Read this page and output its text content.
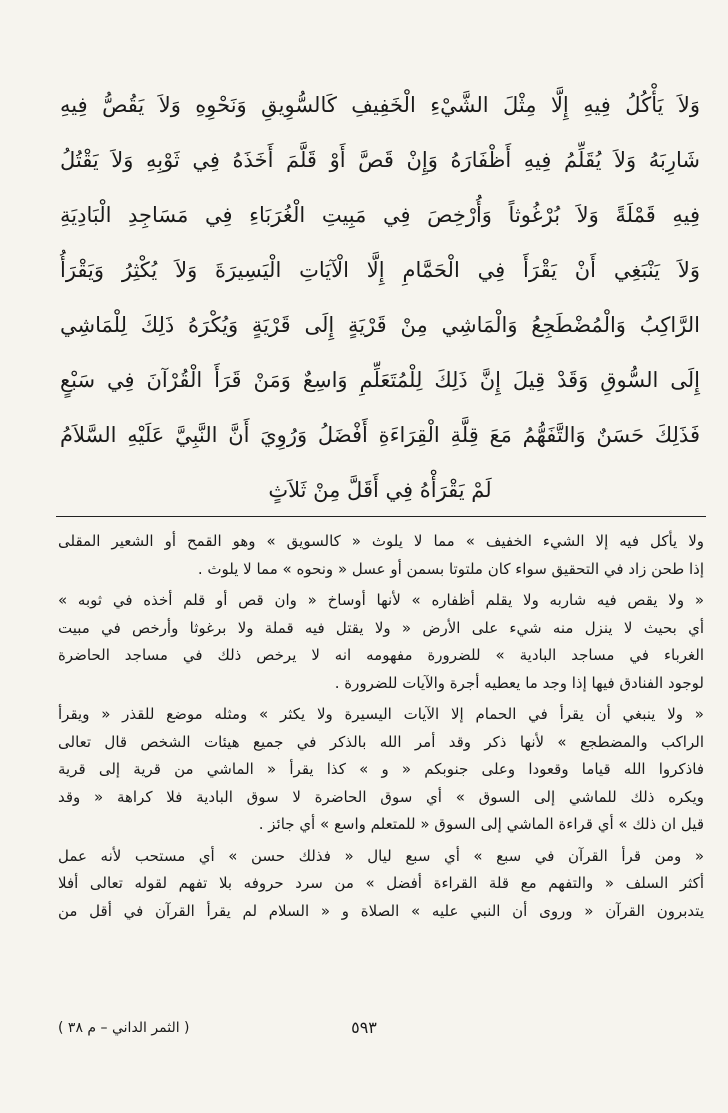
وَلاَ يَأْكُلُ فِيهِ إِلَّا مِثْلَ الشَّيْءِ الْخَفِيفِ كَالسُّوِيقِ وَنَحْوِهِ وَلاَ يَقُصُّ فِيهِ
شَارِبَهُ وَلاَ يُقَلِّمُ فِيهِ أَظْفَارَهُ وَإِنْ قَصَّ أَوْ قَلَّمَ أَخَذَهُ فِي ثَوْبِهِ وَلاَ يَقْتُلُ
فِيهِ قَمْلَةً وَلاَ بُرْغُوثاً وَأُرْخِصَ فِي مَبِيتِ الْغُرَبَاءِ فِي مَسَاجِدِ الْبَادِيَةِ
وَلاَ يَنْبَغِي أَنْ يَقْرَأَ فِي الْحَمَّامِ إِلَّا الْآيَاتِ الْيَسِيرَةَ وَلاَ يُكْثِرُ وَيَقْرَأُ
الرَّاكِبُ وَالْمُضْطَجِعُ وَالْمَاشِي مِنْ قَرْيَةٍ إِلَى قَرْيَةٍ وَيُكْرَهُ ذَلِكَ لِلْمَاشِي
إِلَى السُّوقِ وَقَدْ قِيلَ إِنَّ ذَلِكَ لِلْمُتَعَلِّمِ وَاسِعٌ وَمَنْ قَرَأَ الْقُرْآنَ فِي سَبْعٍ
فَذَلِكَ حَسَنٌ وَالتَّفَهُّمُ مَعَ قِلَّةِ الْقِرَاءَةِ أَفْضَلُ وَرُوِيَ أَنَّ النَّبِيَّ عَلَيْهِ السَّلاَمُ
لَمْ يَقْرَأْهُ فِي أَقَلَّ مِنْ ثَلاَثٍ
ولا يأكل فيه إلا الشيء الخفيف » مما لا يلوث « كالسويق » وهو القمح أو الشعير المقلى
إذا طحن زاد في التحقيق سواء كان ملتوتا بسمن أو عسل « ونحوه » مما لا يلوث .
« ولا يقص فيه شاربه ولا يقلم أظفاره » لأنها أوساخ « وان قص أو قلم أخذه في ثوبه »
أي بحيث لا ينزل منه شيء على الأرض « ولا يقتل فيه قملة ولا برغوثا وأرخص في مبيت
الغرباء في مساجد البادية » للضرورة مفهومه انه لا يرخص ذلك في مساجد الحاضرة
لوجود الفنادق فيها إذا وجد ما يعطيه أجرة والآيات للضرورة .
« ولا ينبغي أن يقرأ في الحمام إلا الآيات اليسيرة ولا يكثر » ومثله موضع للقذر « ويقرأ
الراكب والمضطجع » لأنها ذكر وقد أمر الله بالذكر في جميع هيئات الشخص قال تعالى
فاذكروا الله قياما وقعودا وعلى جنوبكم « و » كذا يقرأ « الماشي من قرية إلى قرية
ويكره ذلك للماشي إلى السوق » أي سوق الحاضرة لا سوق البادية فلا كراهة « وقد
قيل ان ذلك » أي قراءة الماشي إلى السوق « للمتعلم واسع » أي جائز .
« ومن قرأ القرآن في سبع » أي سبع ليال « فذلك حسن » أي مستحب لأنه عمل
أكثر السلف « والتفهم مع قلة القراءة أفضل » من سرد حروفه بلا تفهم لقوله تعالى أفلا
يتدبرون القرآن « وروى أن النبي عليه » الصلاة و « السلام لم يقرأ القرآن في أقل من
٥٩٣
( الثمر الداني – م ٣٨ )
